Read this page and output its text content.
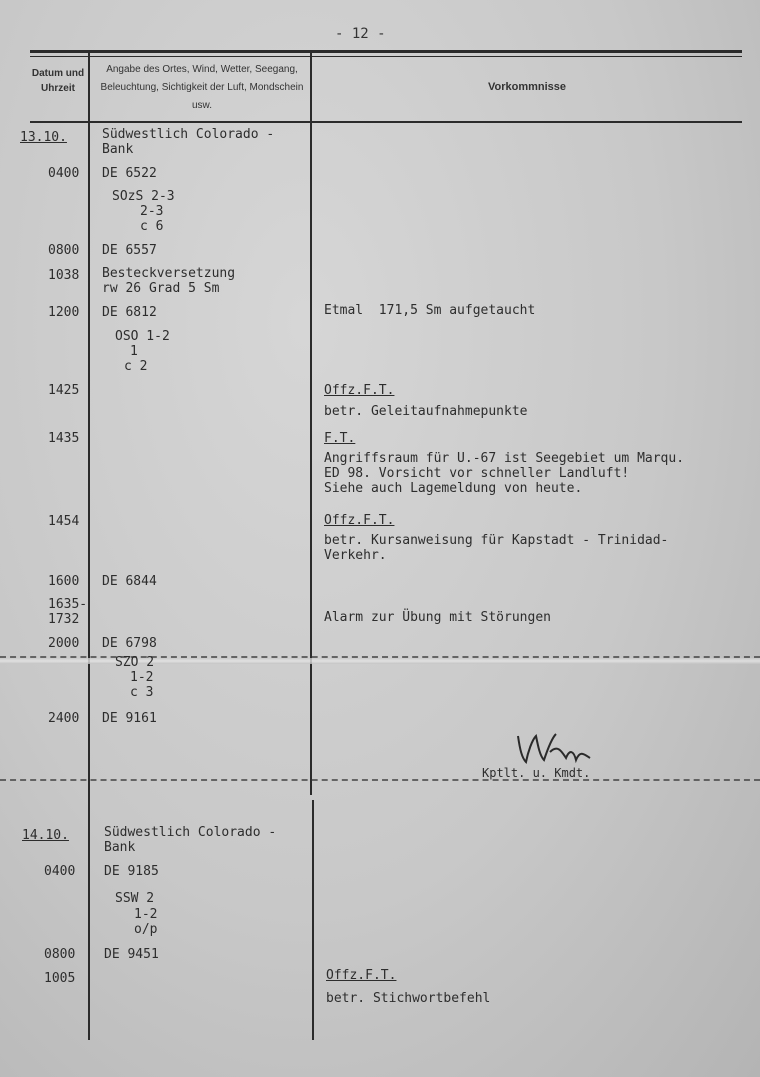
- 12 -
Datum und Uhrzeit
Angabe des Ortes, Wind, Wetter, Seegang, Beleuchtung, Sichtigkeit der Luft, Mondschein usw.
Vorkommnisse
13.10.	Südwestlich Colorado -
Bank
0400 DE 6522
SOzS 2-3
2-3
c 6
0800 DE 6557
1038 Besteckversetzung
rw 26 Grad 5 Sm
1200 DE 6812	Etmal  171,5 Sm aufgetaucht
OSO 1-2
1
c 2
1425	Offz.F.T.
betr. Geleitaufnahmepunkte
1435	F.T.
Angriffsraum für U.-67 ist Seegebiet um Marqu.
ED 98. Vorsicht vor schneller Landluft!
Siehe auch Lagemeldung von heute.
1454	Offz.F.T.
betr. Kursanweisung für Kapstadt - Trinidad-
Verkehr.
1600 DE 6844
1635-
1732	Alarm zur Übung mit Störungen
2000 DE 6798
SZO 2
1-2
c 3
2400 DE 9161
Kptlt. u. Kmdt.
14.10.	Südwestlich Colorado -
Bank
0400 DE 9185
SSW 2
1-2
o/p
0800 DE 9451
1005	Offz.F.T.
betr. Stichwortbefehl
